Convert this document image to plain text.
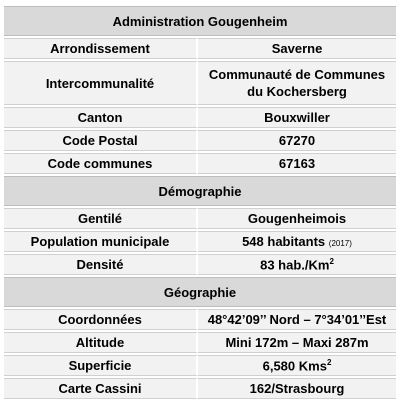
Administration Gougenheim	
Arrondissement	Saverne
Intercommunalité	Communauté de Communes
du Kochersberg
Canton	Bouxwiller
Code Postal	67270
Code communes	67163
Démographie	
Gentilé	Gougenheimois
Population municipale	548 habitants (2017)
Densité	83 hab./Km$^2$
Géographie	
Coordonnées	48°42’09’’ Nord – 7°34’01’’Est
Altitude	Mini 172m – Maxi 287m
Superficie	6,580 Kms$^2$
Carte Cassini	162/Strasbourg
